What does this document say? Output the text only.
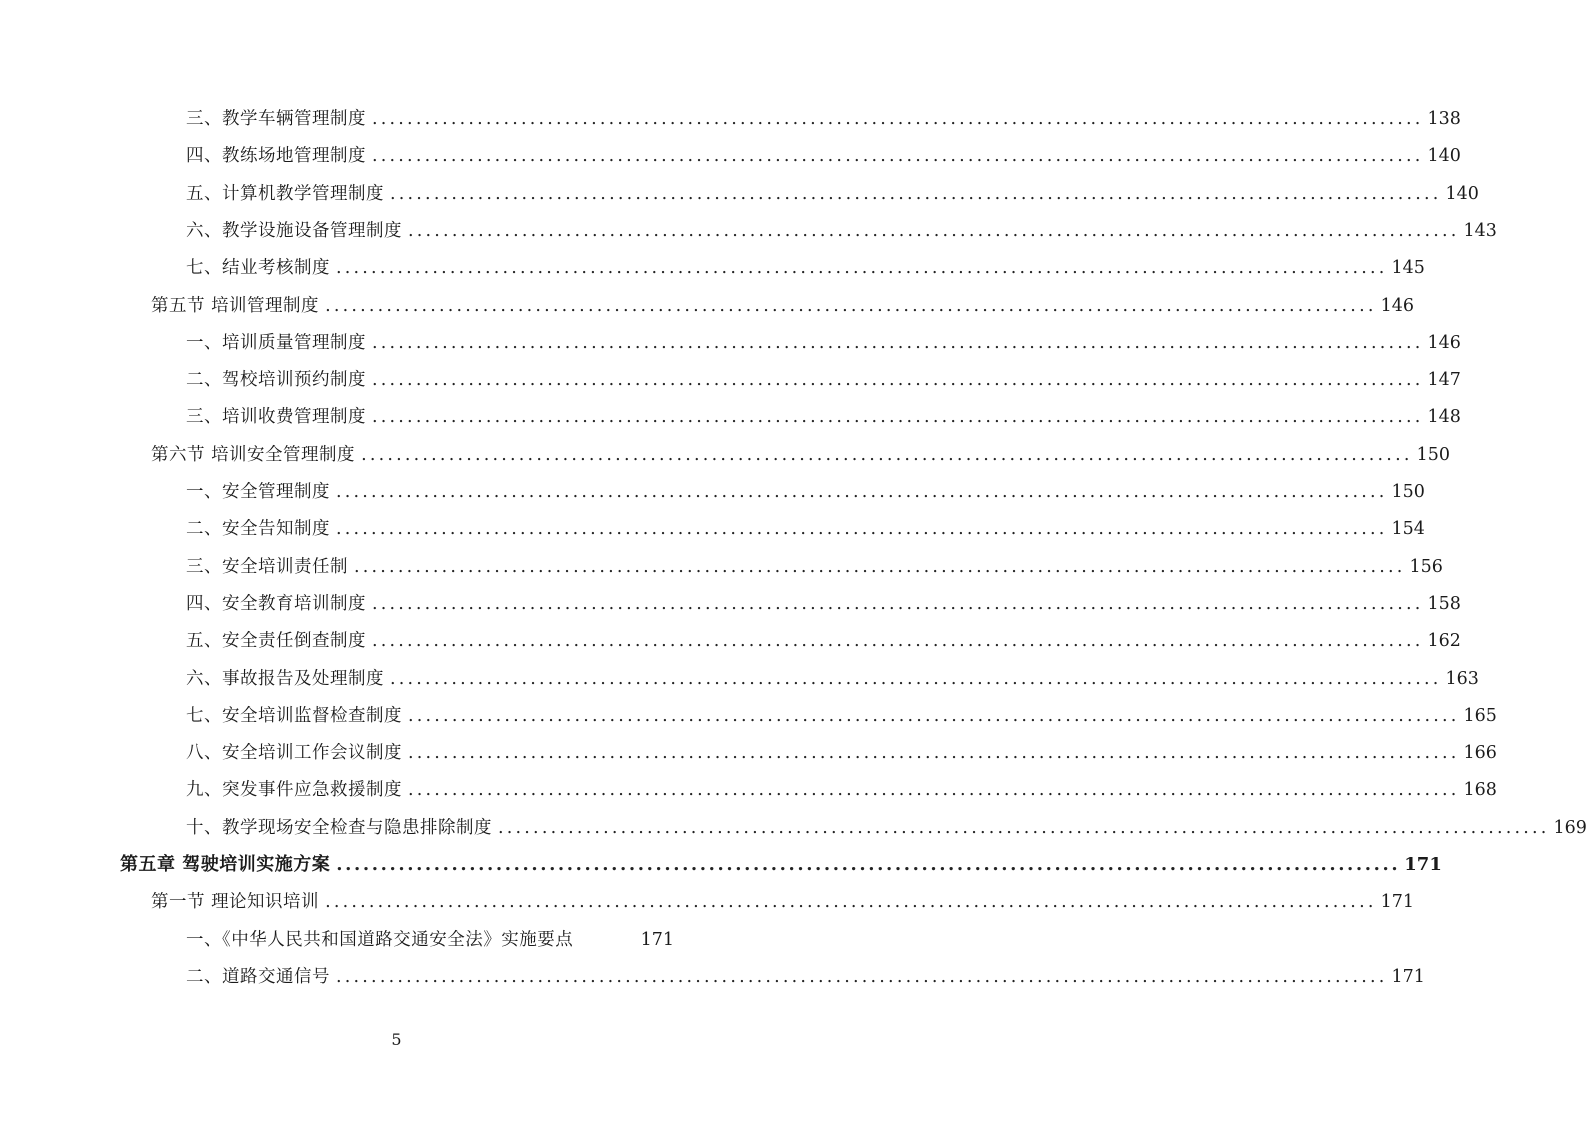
三、教学车辆管理制度 ........................................................................................................................ 138
四、教练场地管理制度 ........................................................................................................................ 140
五、计算机教学管理制度 ........................................................................................................................ 140
六、教学设施设备管理制度 ........................................................................................................................ 143
七、结业考核制度 ........................................................................................................................ 145
第五节 培训管理制度 ........................................................................................................................ 146
一、培训质量管理制度 ........................................................................................................................ 146
二、驾校培训预约制度 ........................................................................................................................ 147
三、培训收费管理制度 ........................................................................................................................ 148
第六节 培训安全管理制度 ........................................................................................................................ 150
一、安全管理制度 ........................................................................................................................ 150
二、安全告知制度 ........................................................................................................................ 154
三、安全培训责任制 ........................................................................................................................ 156
四、安全教育培训制度 ........................................................................................................................ 158
五、安全责任倒查制度 ........................................................................................................................ 162
六、事故报告及处理制度 ........................................................................................................................ 163
七、安全培训监督检查制度 ........................................................................................................................ 165
八、安全培训工作会议制度 ........................................................................................................................ 166
九、突发事件应急救援制度 ........................................................................................................................ 168
十、教学现场安全检查与隐患排除制度 ........................................................................................................................ 169
第五章 驾驶培训实施方案 ........................................................................................................................ 171
第一节 理论知识培训 ........................................................................................................................ 171
一、《中华人民共和国道路交通安全法》实施要点	171
二、道路交通信号 ........................................................................................................................ 171
5
